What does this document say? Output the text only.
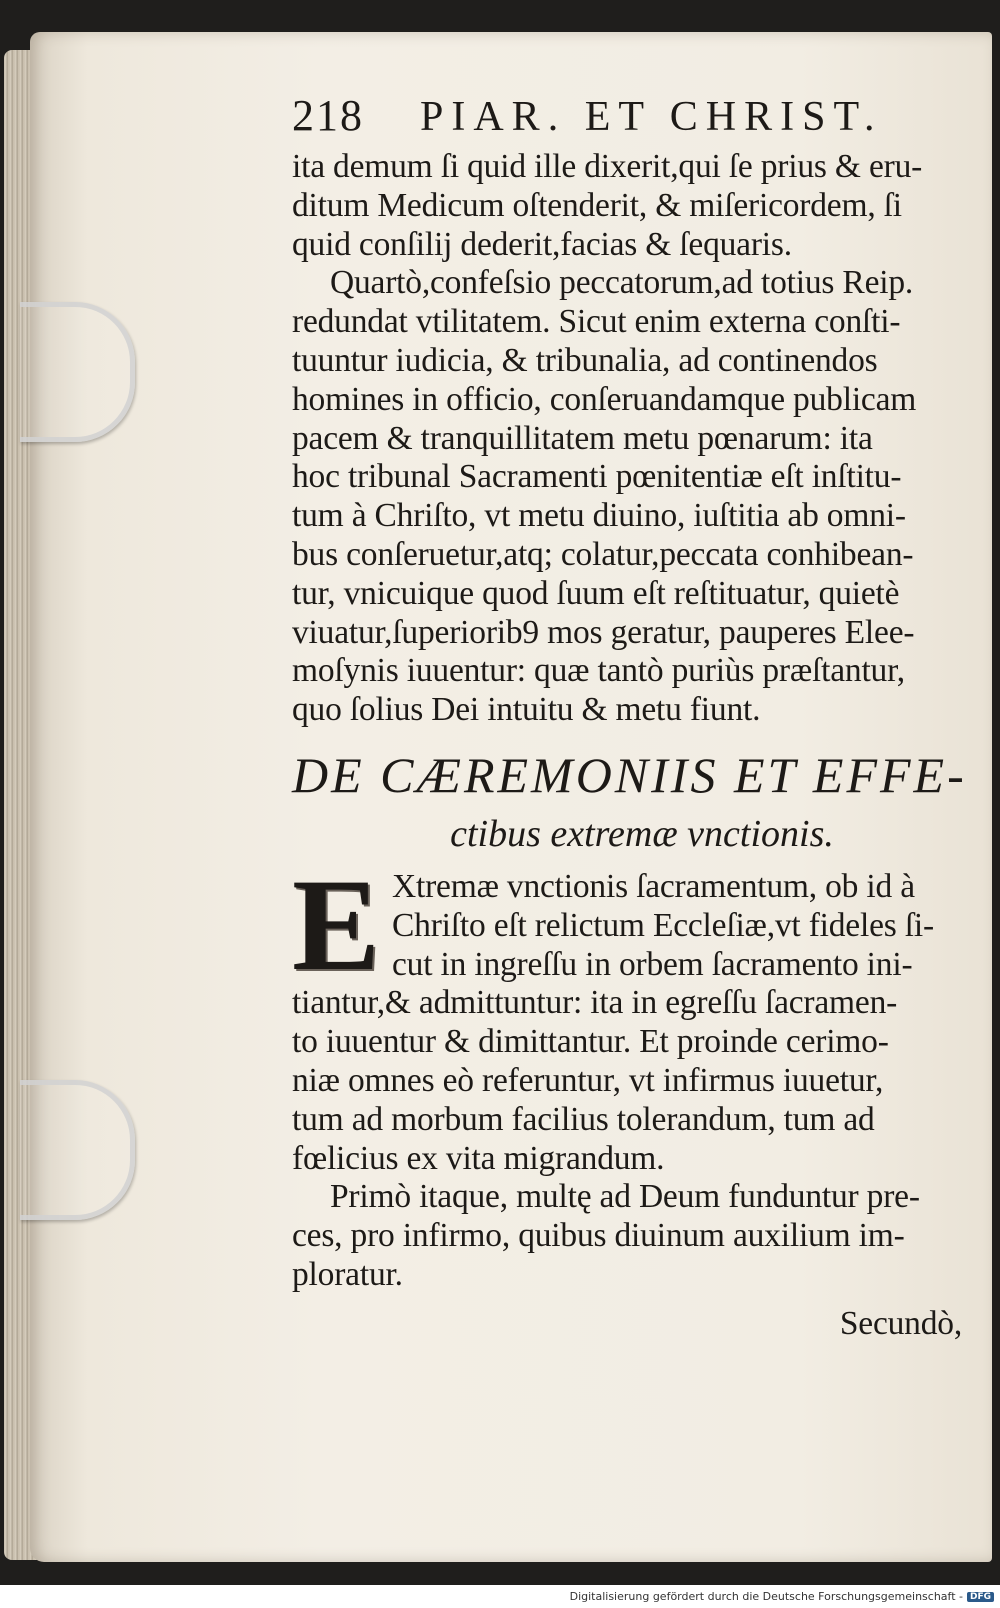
218 PIAR. ET CHRIST.
ita demum ſi quid ille dixerit,qui ſe prius & eru-
ditum Medicum oſtenderit, & miſericordem, ſi
quid conſilij dederit,facias & ſequaris.
Quartò,confeſsio peccatorum,ad totius Reip.
redundat vtilitatem. Sicut enim externa conſti-
tuuntur iudicia, & tribunalia, ad continendos
homines in officio, conſeruandamque publicam
pacem & tranquillitatem metu pœnarum: ita
hoc tribunal Sacramenti pœnitentiæ eſt inſtitu-
tum à Chriſto, vt metu diuino, iuſtitia ab omni-
bus conſeruetur,atq; colatur,peccata conhibean-
tur, vnicuique quod ſuum eſt reſtituatur, quietè
viuatur,ſuperiorib9 mos geratur, pauperes Elee-
moſynis iuuentur: quæ tantò puriùs præſtantur,
quo ſolius Dei intuitu & metu fiunt.
DE CÆREMONIIS ET EFFE-
ctibus extremæ vnctionis.
E Xtremæ vnctionis ſacramentum, ob id à
Chriſto eſt relictum Eccleſiæ,vt fideles ſi-
cut in ingreſſu in orbem ſacramento ini-
tiantur,& admittuntur: ita in egreſſu ſacramen-
to iuuentur & dimittantur. Et proinde cerimo-
niæ omnes eò referuntur, vt infirmus iuuetur,
tum ad morbum facilius tolerandum, tum ad
fœlicius ex vita migrandum.
Primò itaque, multę ad Deum funduntur pre-
ces, pro infirmo, quibus diuinum auxilium im-
ploratur.
Secundò,
Digitalisierung gefördert durch die Deutsche Forschungsgemeinschaft - DFG
